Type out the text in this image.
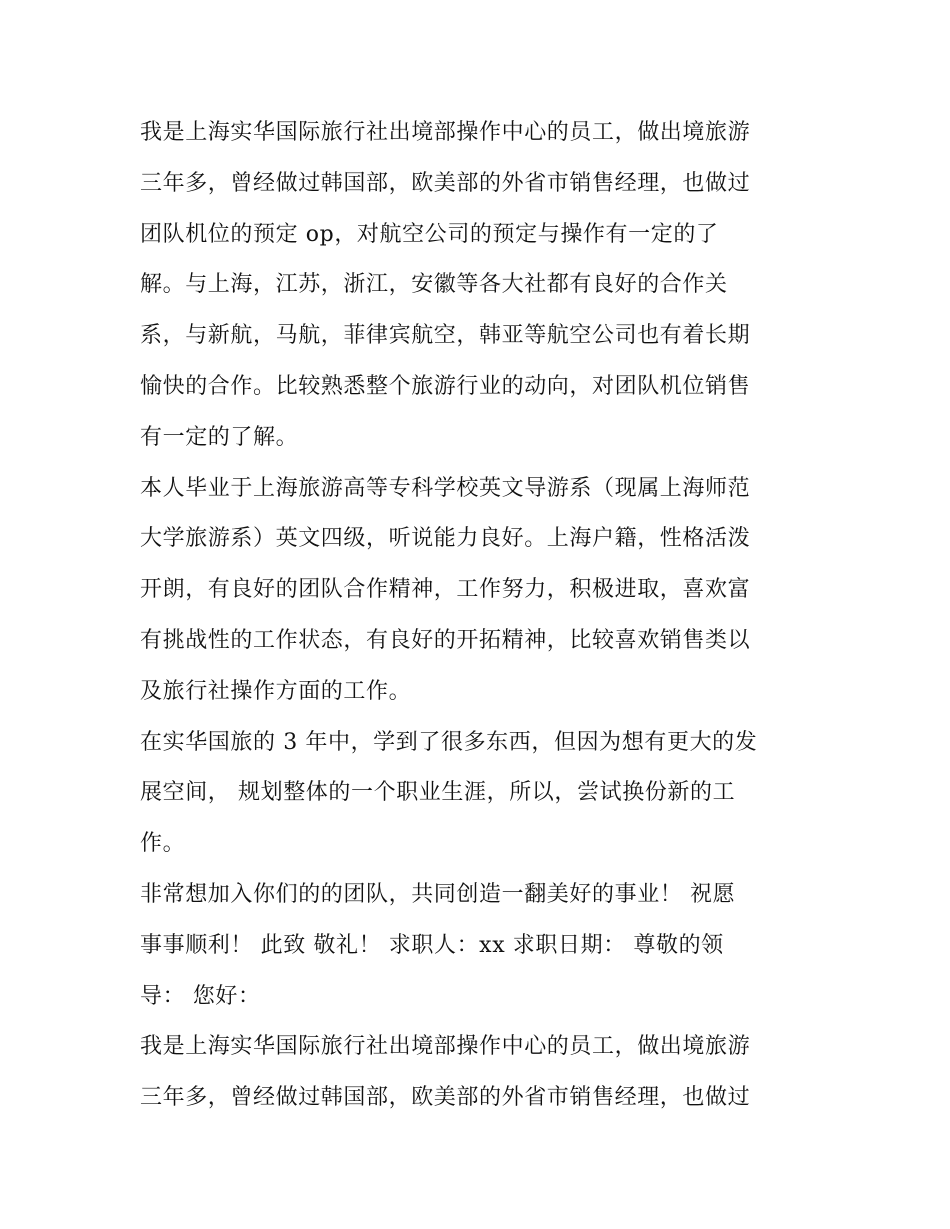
我是上海实华国际旅行社出境部操作中心的员工，做出境旅游
三年多，曾经做过韩国部，欧美部的外省市销售经理，也做过
团队机位的预定 op，对航空公司的预定与操作有一定的了
解。与上海，江苏，浙江，安徽等各大社都有良好的合作关
系，与新航，马航，菲律宾航空，韩亚等航空公司也有着长期
愉快的合作。比较熟悉整个旅游行业的动向，对团队机位销售
有一定的了解。
本人毕业于上海旅游高等专科学校英文导游系（现属上海师范
大学旅游系）英文四级，听说能力良好。上海户籍，性格活泼
开朗，有良好的团队合作精神，工作努力，积极进取，喜欢富
有挑战性的工作状态，有良好的开拓精神，比较喜欢销售类以
及旅行社操作方面的工作。
在实华国旅的 3 年中，学到了很多东西，但因为想有更大的发
展空间， 规划整体的一个职业生涯，所以，尝试换份新的工
作。
非常想加入你们的的团队，共同创造一翻美好的事业！ 祝愿
事事顺利！ 此致 敬礼！ 求职人：xx 求职日期： 尊敬的领
导： 您好：
我是上海实华国际旅行社出境部操作中心的员工，做出境旅游
三年多，曾经做过韩国部，欧美部的外省市销售经理，也做过
